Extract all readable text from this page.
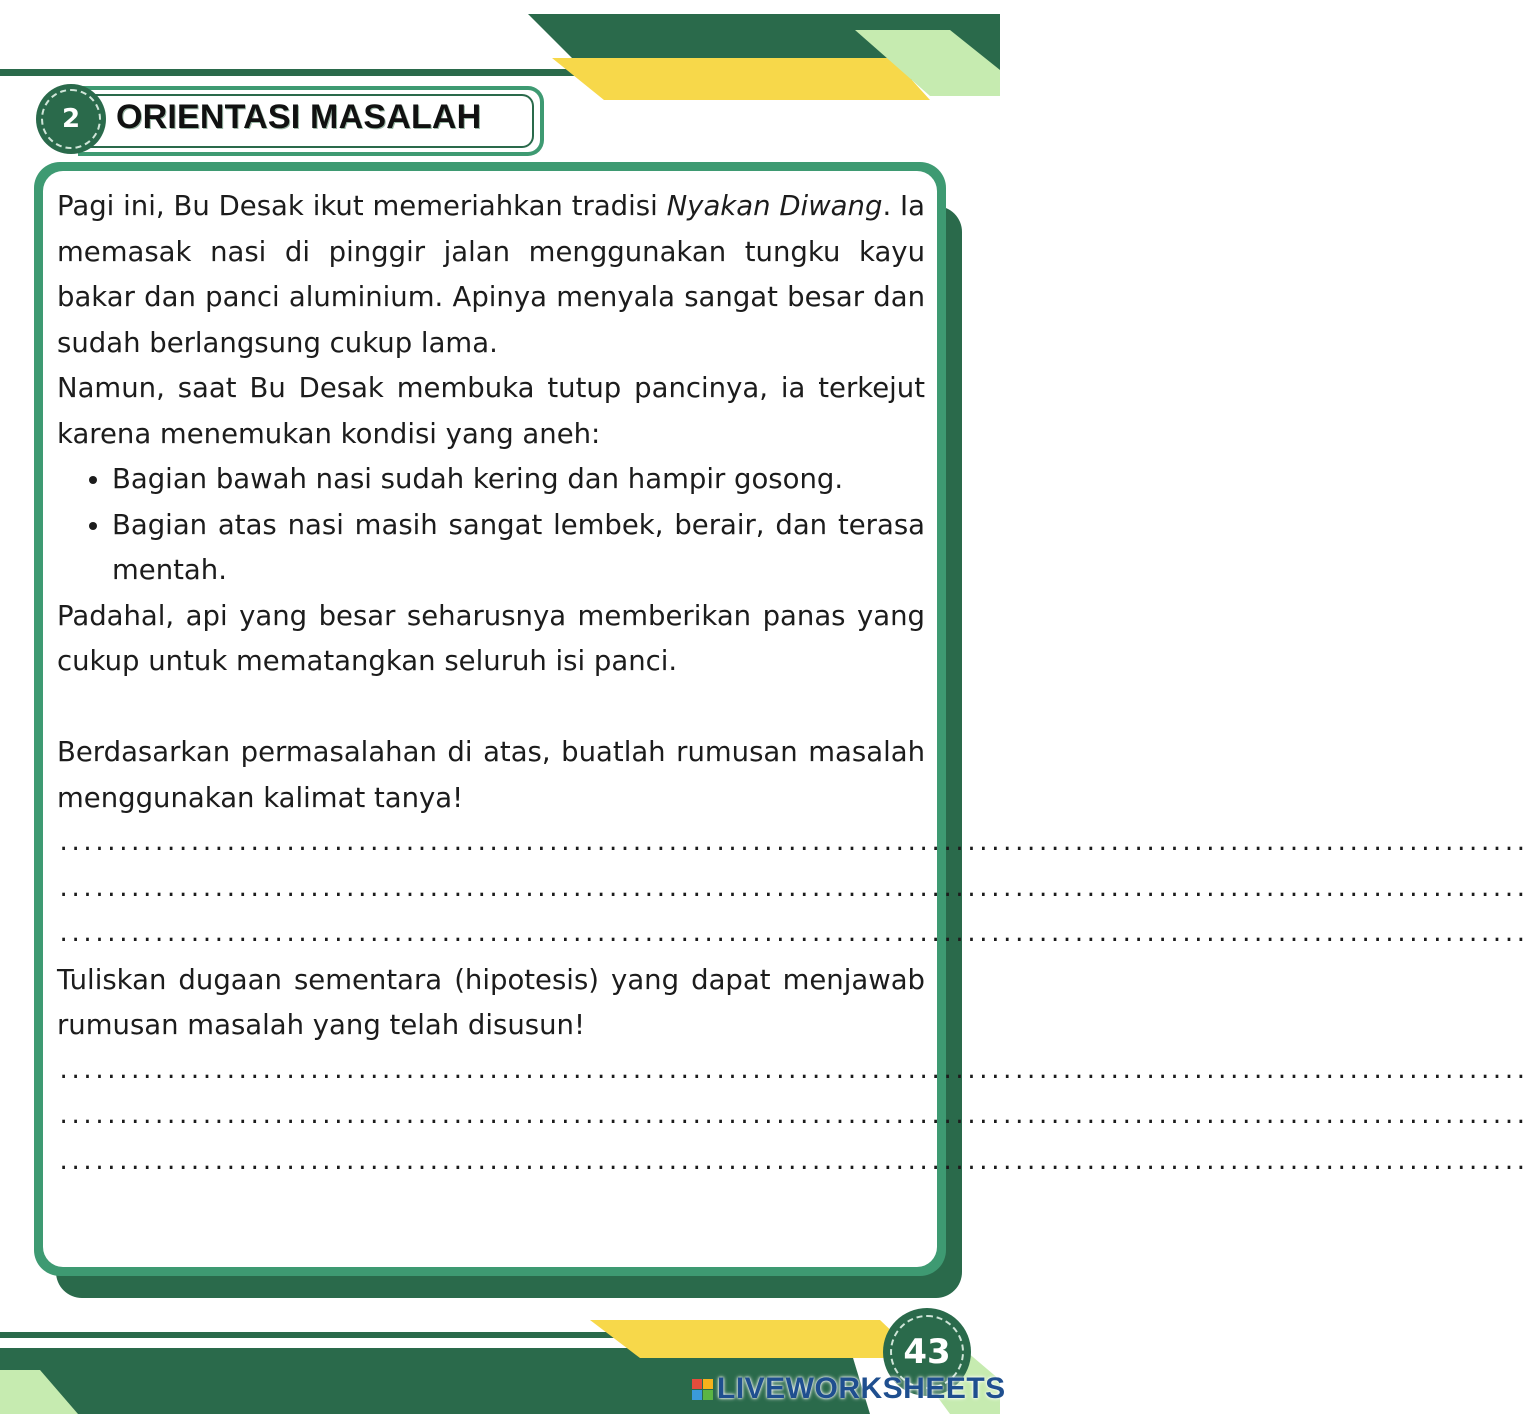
2 ORIENTASI MASALAH

Pagi ini, Bu Desak ikut memeriahkan tradisi Nyakan Diwang. Ia memasak nasi di pinggir jalan menggunakan tungku kayu bakar dan panci aluminium. Apinya menyala sangat besar dan sudah berlangsung cukup lama.

Namun, saat Bu Desak membuka tutup pancinya, ia terkejut karena menemukan kondisi yang aneh:

• Bagian bawah nasi sudah kering dan hampir gosong.
• Bagian atas nasi masih sangat lembek, berair, dan terasa mentah.

Padahal, api yang besar seharusnya memberikan panas yang cukup untuk mematangkan seluruh isi panci.

Berdasarkan permasalahan di atas, buatlah rumusan masalah menggunakan kalimat tanya!

...........................................................................................................................
...........................................................................................................................
...........................................................................................................................

Tuliskan dugaan sementara (hipotesis) yang dapat menjawab rumusan masalah yang telah disusun!

...........................................................................................................................
...........................................................................................................................
...........................................................................................................................
43
LIVEWORKSHEETS
